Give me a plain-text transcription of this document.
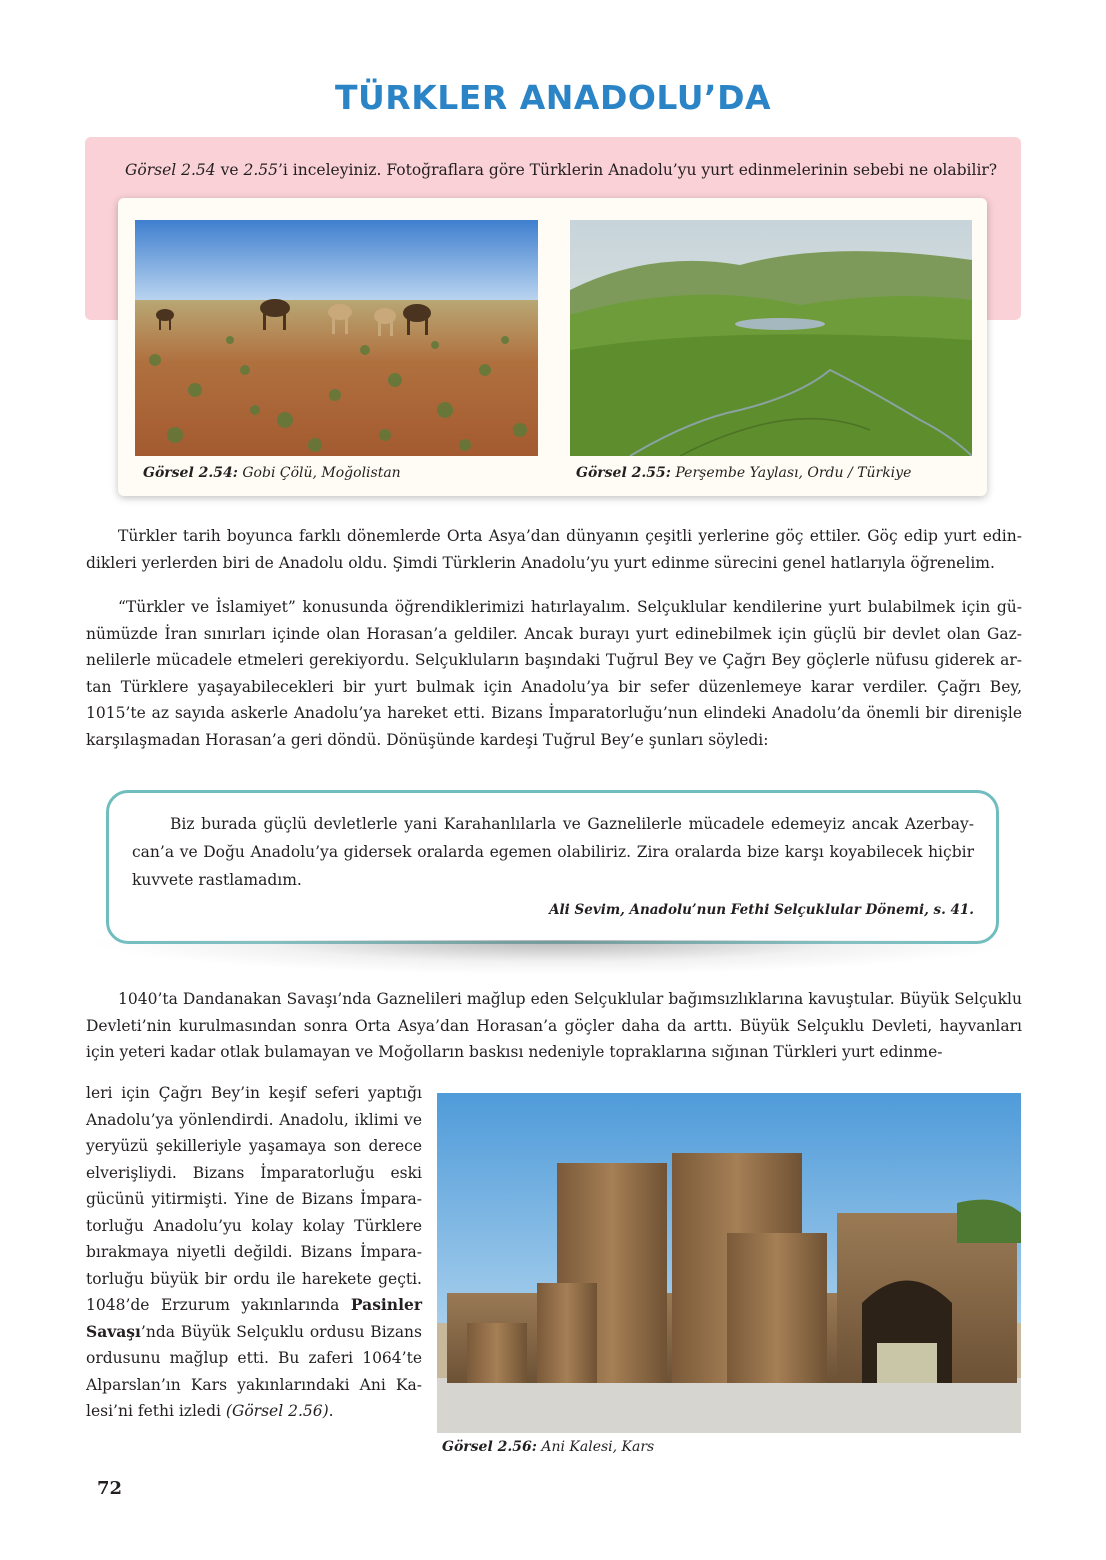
TÜRKLER ANADOLU’DA
Görsel 2.54 ve 2.55’i inceleyiniz. Fotoğraflara göre Türklerin Anadolu’yu yurt edinmelerinin sebebi ne olabilir?
Görsel 2.54: Gobi Çölü, Moğolistan	Görsel 2.55: Perşembe Yaylası, Ordu / Türkiye

Türkler tarih boyunca farklı dönemlerde Orta Asya’dan dünyanın çeşitli yerlerine göç ettiler. Göç edip yurt edindikleri yerlerden biri de Anadolu oldu. Şimdi Türklerin Anadolu’yu yurt edinme sürecini genel hatlarıyla öğrenelim.

“Türkler ve İslamiyet” konusunda öğrendiklerimizi hatırlayalım. Selçuklular kendilerine yurt bulabilmek için günümüzde İran sınırları içinde olan Horasan’a geldiler. Ancak burayı yurt edinebilmek için güçlü bir devlet olan Gaznelilerle mücadele etmeleri gerekiyordu. Selçukluların başındaki Tuğrul Bey ve Çağrı Bey göçlerle nüfusu giderek artan Türklere yaşayabilecekleri bir yurt bulmak için Anadolu’ya bir sefer düzenlemeye karar verdiler. Çağrı Bey, 1015’te az sayıda askerle Anadolu’ya hareket etti. Bizans İmparatorluğu’nun elindeki Anadolu’da önemli bir direnişle karşılaşmadan Horasan’a geri döndü. Dönüşünde kardeşi Tuğrul Bey’e şunları söyledi:

Biz burada güçlü devletlerle yani Karahanlılarla ve Gaznelilerle mücadele edemeyiz ancak Azerbaycan’a ve Doğu Anadolu’ya gidersek oralarda egemen olabiliriz. Zira oralarda bize karşı koyabilecek hiçbir kuvvete rastlamadım.

Ali Sevim, Anadolu’nun Fethi Selçuklular Dönemi, s. 41.

1040’ta Dandanakan Savaşı’nda Gaznelileri mağlup eden Selçuklular bağımsızlıklarına kavuştular. Büyük Selçuklu Devleti’nin kurulmasından sonra Orta Asya’dan Horasan’a göçler daha da arttı. Büyük Selçuklu Devleti, hayvanları için yeteri kadar otlak bulamayan ve Moğolların baskısı nedeniyle topraklarına sığınan Türkleri yurt edinme-

leri için Çağrı Bey’in keşif seferi yaptığı Anadolu’ya yönlendirdi. Anadolu, iklimi ve yeryüzü şekilleriyle yaşamaya son derece elverişliydi. Bizans İmparatorluğu eski gücünü yitirmişti. Yine de Bizans İmparatorluğu Anadolu’yu kolay kolay Türklere bırakmaya niyetli değildi. Bizans İmparatorluğu büyük bir ordu ile harekete geçti. 1048’de Erzurum yakınlarında Pasinler Savaşı’nda Büyük Selçuklu ordusu Bizans ordusunu mağlup etti. Bu zaferi 1064’te Alparslan’ın Kars yakınlarındaki Ani Kalesi’ni fethi izledi (Görsel 2.56).

Görsel 2.56: Ani Kalesi, Kars
72
